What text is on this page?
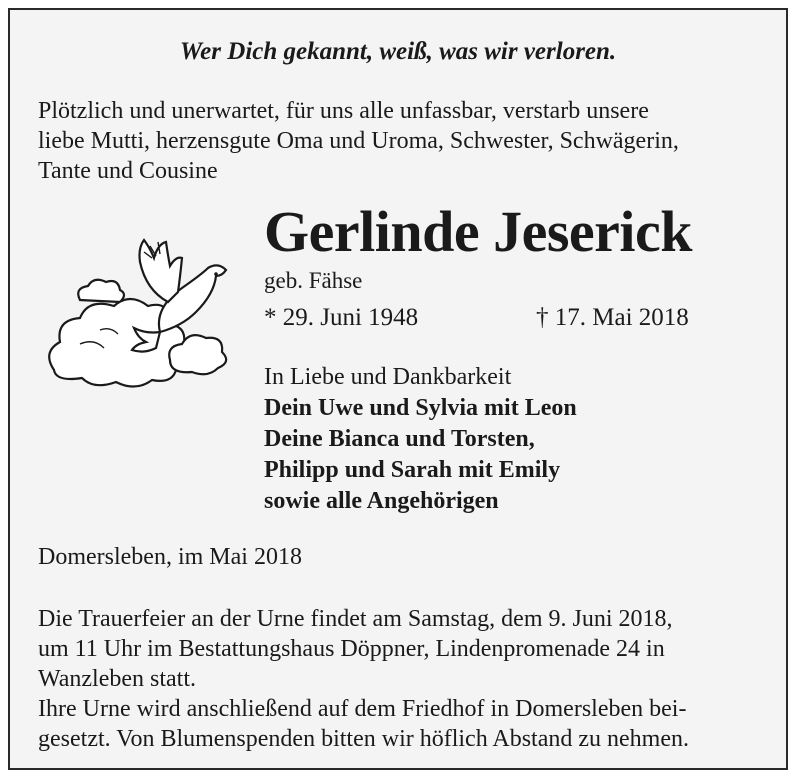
Wer Dich gekannt, weiß, was wir verloren.
Plötzlich und unerwartet, für uns alle unfassbar, verstarb unsere
liebe Mutti, herzensgute Oma und Uroma, Schwester, Schwägerin,
Tante und Cousine
Gerlinde Jeserick
geb. Fähse
* 29. Juni 1948	† 17. Mai 2018
In Liebe und Dankbarkeit
Dein Uwe und Sylvia mit Leon
Deine Bianca und Torsten,
Philipp und Sarah mit Emily
sowie alle Angehörigen
Domersleben, im Mai 2018
Die Trauerfeier an der Urne findet am Samstag, dem 9. Juni 2018,
um 11 Uhr im Bestattungshaus Döppner, Lindenpromenade 24 in
Wanzleben statt.
Ihre Urne wird anschließend auf dem Friedhof in Domersleben bei-
gesetzt. Von Blumenspenden bitten wir höflich Abstand zu nehmen.
